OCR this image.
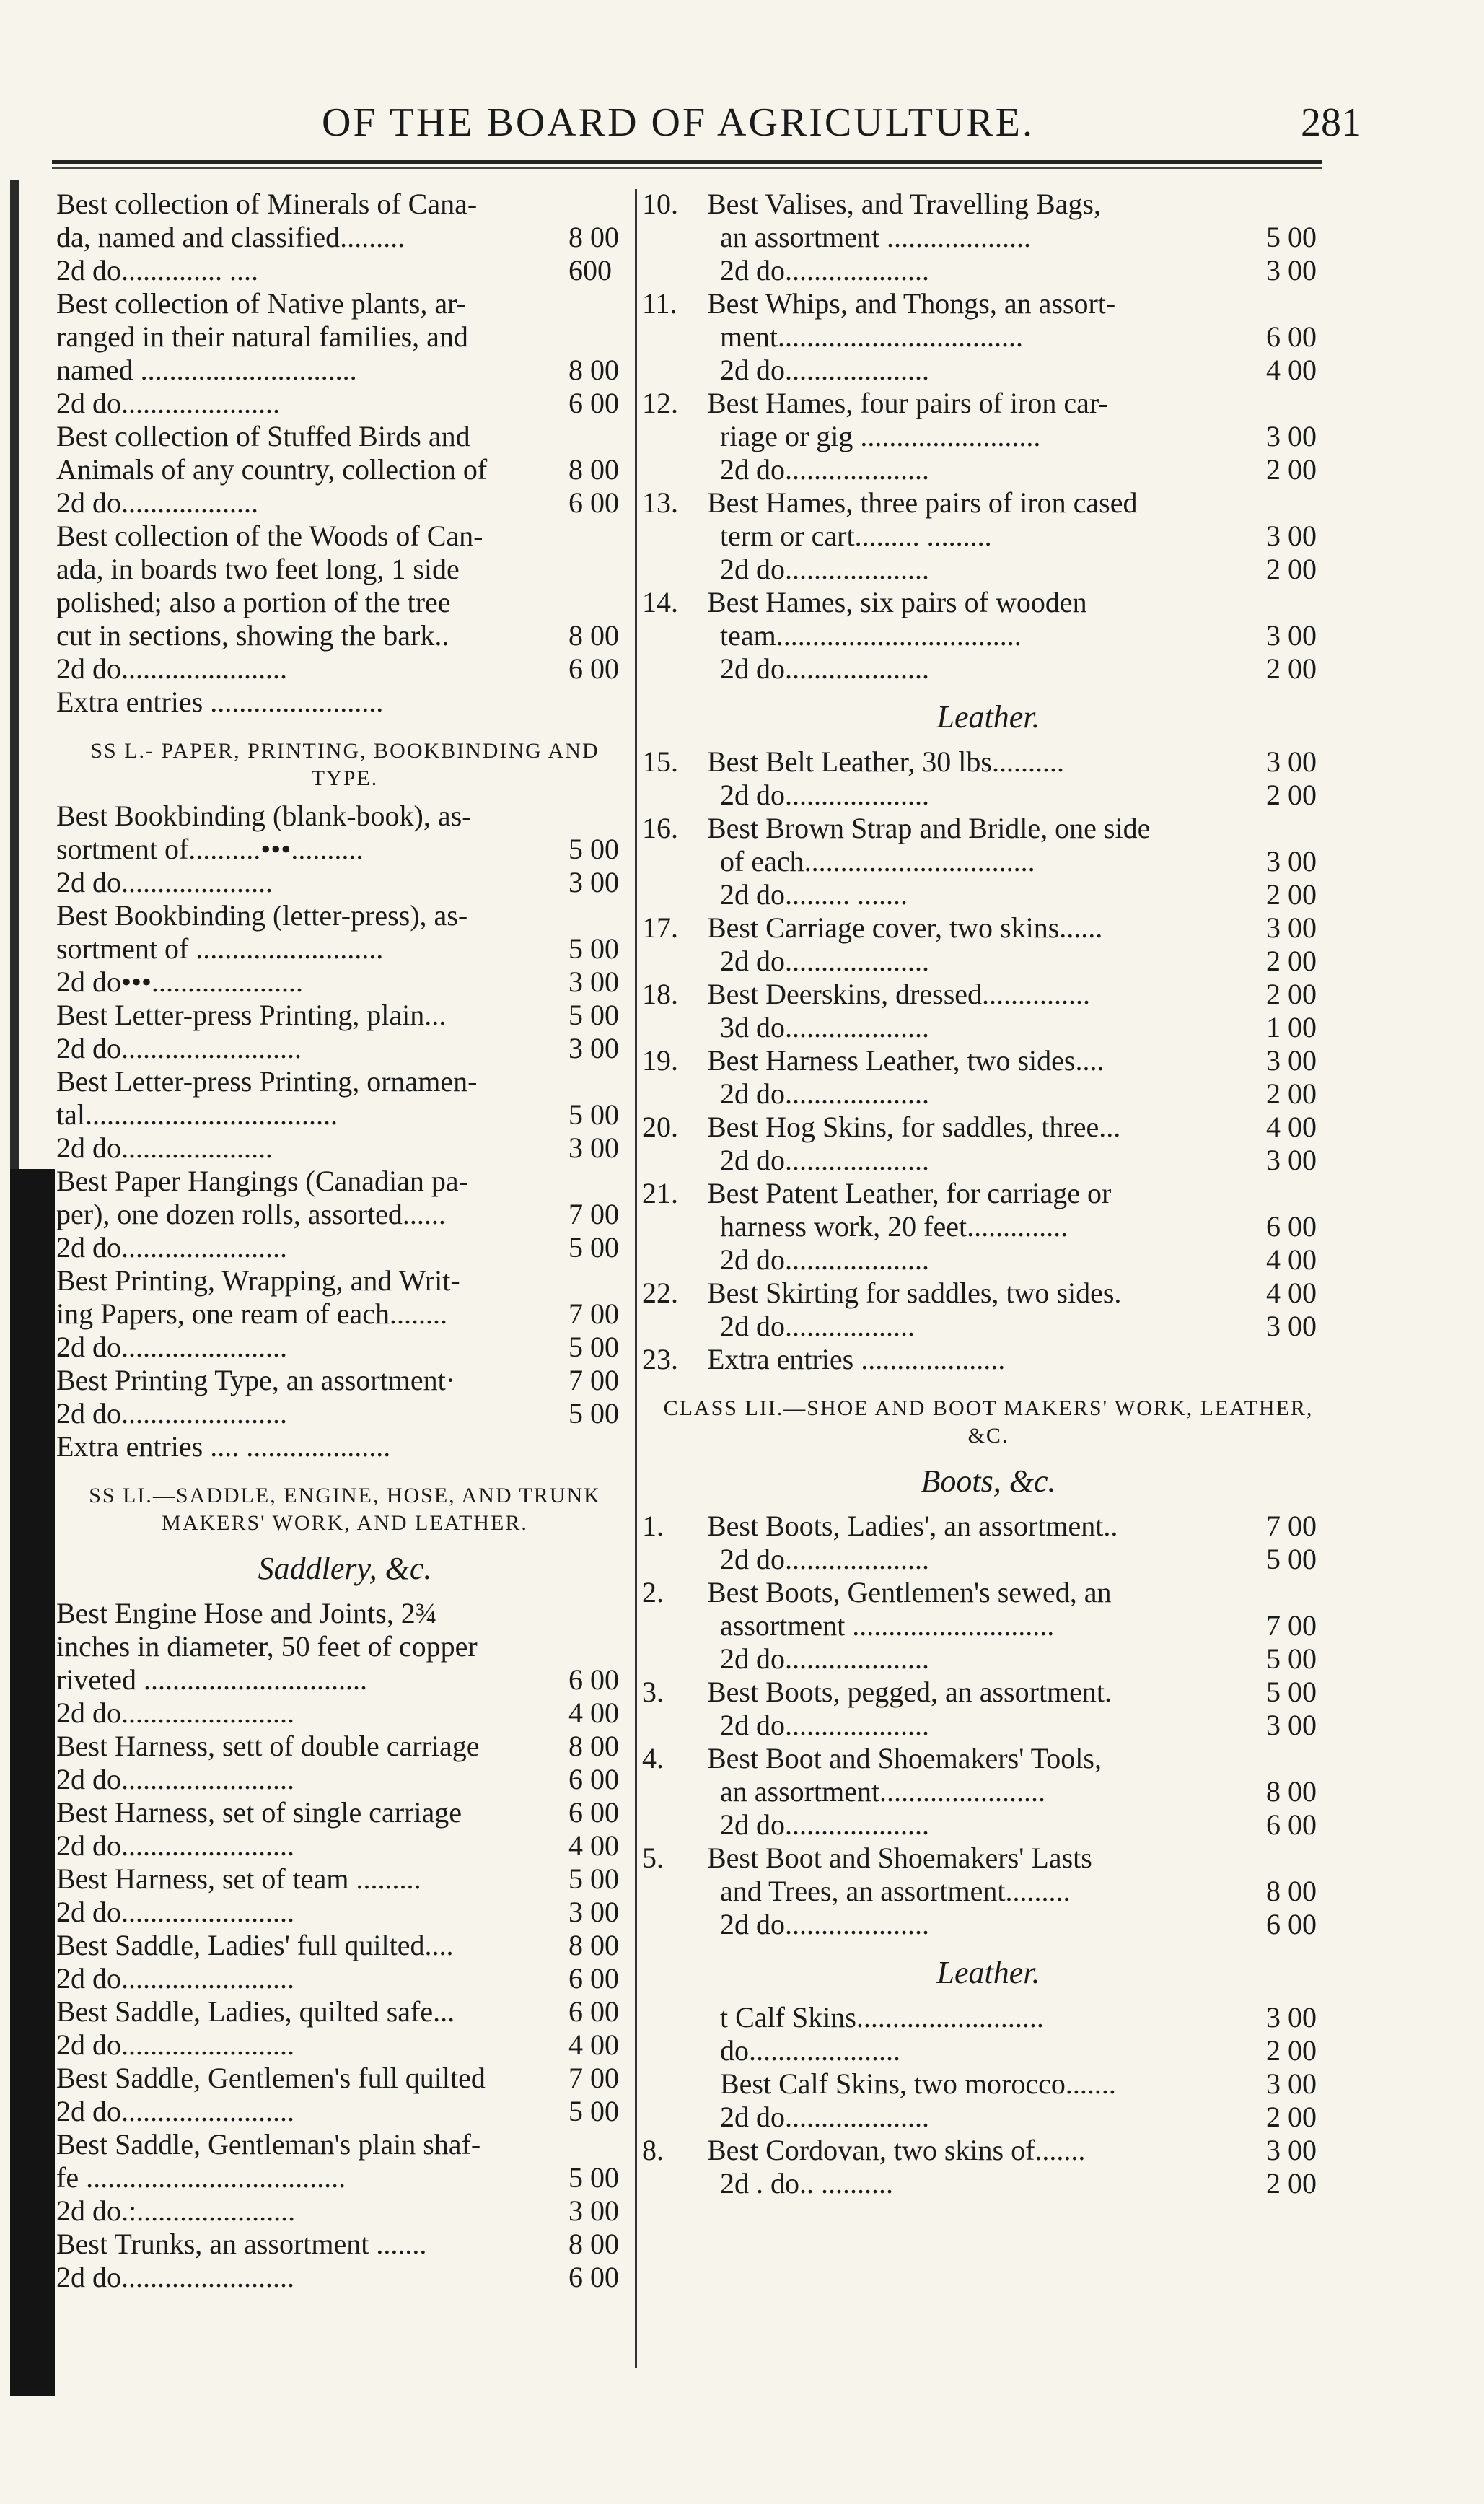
OF THE BOARD OF AGRICULTURE.	281
Best collection of Minerals of Cana-
da, named and classified.........	8 00
2d do.............. ....	600
Best collection of Native plants, ar-
ranged in their natural families, and
named ..............................	8 00
2d do......................	6 00
Best collection of Stuffed Birds and
Animals of any country, collection of	8 00
2d do...................	6 00
Best collection of the Woods of Can-
ada, in boards two feet long, 1 side
polished; also a portion of the tree
cut in sections, showing the bark..	8 00
2d do.......................	6 00
Extra entries ........................
SS L.- PAPER, PRINTING, BOOKBINDING AND TYPE.
Best Bookbinding (blank-book), as-
sortment of..........•••..........	5 00
2d do.....................	3 00
Best Bookbinding (letter-press), as-
sortment of ..........................	5 00
2d do•••.....................	3 00
Best Letter-press Printing, plain...	5 00
2d do.........................	3 00
Best Letter-press Printing, ornamen-
tal...................................	5 00
2d do.....................	3 00
Best Paper Hangings (Canadian pa-
per), one dozen rolls, assorted......	7 00
2d do.......................	5 00
Best Printing, Wrapping, and Writ-
ing Papers, one ream of each........	7 00
2d do.......................	5 00
Best Printing Type, an assortment·	7 00
2d do.......................	5 00
Extra entries .... ....................
SS LI.—SADDLE, ENGINE, HOSE, AND TRUNK MAKERS' WORK, AND LEATHER.
Saddlery, &c.
Best Engine Hose and Joints, 2¾
inches in diameter, 50 feet of copper
riveted ...............................	6 00
2d do........................	4 00
Best Harness, sett of double carriage	8 00
2d do........................	6 00
Best Harness, set of single carriage	6 00
2d do........................	4 00
Best Harness, set of team .........	5 00
2d do........................	3 00
Best Saddle, Ladies' full quilted....	8 00
2d do........................	6 00
Best Saddle, Ladies, quilted safe...	6 00
2d do........................	4 00
Best Saddle, Gentlemen's full quilted	7 00
2d do........................	5 00
Best Saddle, Gentleman's plain shaf-
fe ....................................	5 00
2d do.:......................	3 00
Best Trunks, an assortment .......	8 00
2d do........................	6 00
10.	Best Valises, and Travelling Bags,
an assortment ....................	5 00
2d do....................	3 00
11.	Best Whips, and Thongs, an assort-
ment..................................	6 00
2d do....................	4 00
12.	Best Hames, four pairs of iron car-
riage or gig .........................	3 00
2d do....................	2 00
13.	Best Hames, three pairs of iron cased
term or cart......... .........	3 00
2d do....................	2 00
14.	Best Hames, six pairs of wooden
team..................................	3 00
2d do....................	2 00
Leather.
15.	Best Belt Leather, 30 lbs..........	3 00
2d do....................	2 00
16.	Best Brown Strap and Bridle, one side
of each................................	3 00
2d do......... .......	2 00
17.	Best Carriage cover, two skins......	3 00
2d do....................	2 00
18.	Best Deerskins, dressed...............	2 00
3d do....................	1 00
19.	Best Harness Leather, two sides....	3 00
2d do....................	2 00
20.	Best Hog Skins, for saddles, three...	4 00
2d do....................	3 00
21.	Best Patent Leather, for carriage or
harness work, 20 feet..............	6 00
2d do....................	4 00
22.	Best Skirting for saddles, two sides.	4 00
2d do..................	3 00
23.	Extra entries ....................
CLASS LII.—SHOE AND BOOT MAKERS' WORK, LEATHER, &C.
Boots, &c.
1.	Best Boots, Ladies', an assortment..	7 00
2d do....................	5 00
2.	Best Boots, Gentlemen's sewed, an
assortment ............................	7 00
2d do....................	5 00
3.	Best Boots, pegged, an assortment.	5 00
2d do....................	3 00
4.	Best Boot and Shoemakers' Tools,
an assortment.......................	8 00
2d do....................	6 00
5.	Best Boot and Shoemakers' Lasts
and Trees, an assortment.........	8 00
2d do....................	6 00
Leather.
t Calf Skins..........................	3 00
do.....................	2 00
Best Calf Skins, two morocco.......	3 00
2d do....................	2 00
8.	Best Cordovan, two skins of.......	3 00
2d . do.. ..........	2 00
